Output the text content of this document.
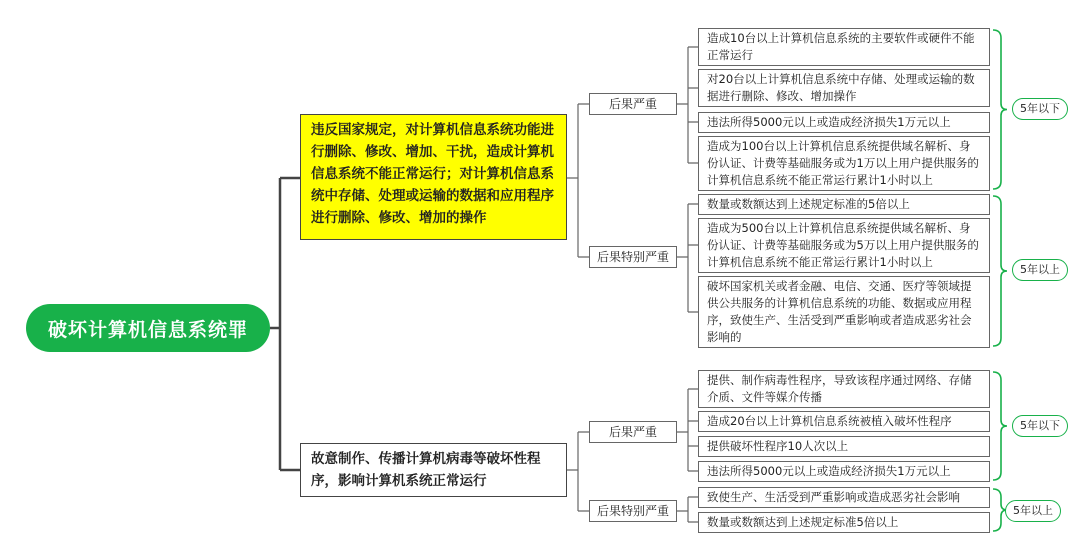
破坏计算机信息系统罪
违反国家规定，对计算机信息系统功能进行删除、修改、增加、干扰，造成计算机信息系统不能正常运行；对计算机信息系统中存储、处理或运输的数据和应用程序进行删除、修改、增加的操作
后果严重
后果特别严重
造成10台以上计算机信息系统的主要软件或硬件不能正常运行
对20台以上计算机信息系统中存储、处理或运输的数据进行删除、修改、增加操作
违法所得5000元以上或造成经济损失1万元以上
造成为100台以上计算机信息系统提供域名解析、身份认证、计费等基础服务或为1万以上用户提供服务的计算机信息系统不能正常运行累计1小时以上
数量或数额达到上述规定标准的5倍以上
造成为500台以上计算机信息系统提供域名解析、身份认证、计费等基础服务或为5万以上用户提供服务的计算机信息系统不能正常运行累计1小时以上
破坏国家机关或者金融、电信、交通、医疗等领域提供公共服务的计算机信息系统的功能、数据或应用程序，致使生产、生活受到严重影响或者造成恶劣社会影响的
5年以下
5年以上
故意制作、传播计算机病毒等破坏性程序，影响计算机系统正常运行
后果严重
后果特别严重
提供、制作病毒性程序，导致该程序通过网络、存储介质、文件等媒介传播
造成20台以上计算机信息系统被植入破坏性程序
提供破坏性程序10人次以上
违法所得5000元以上或造成经济损失1万元以上
致使生产、生活受到严重影响或造成恶劣社会影响
数量或数额达到上述规定标准5倍以上
5年以下
5年以上
